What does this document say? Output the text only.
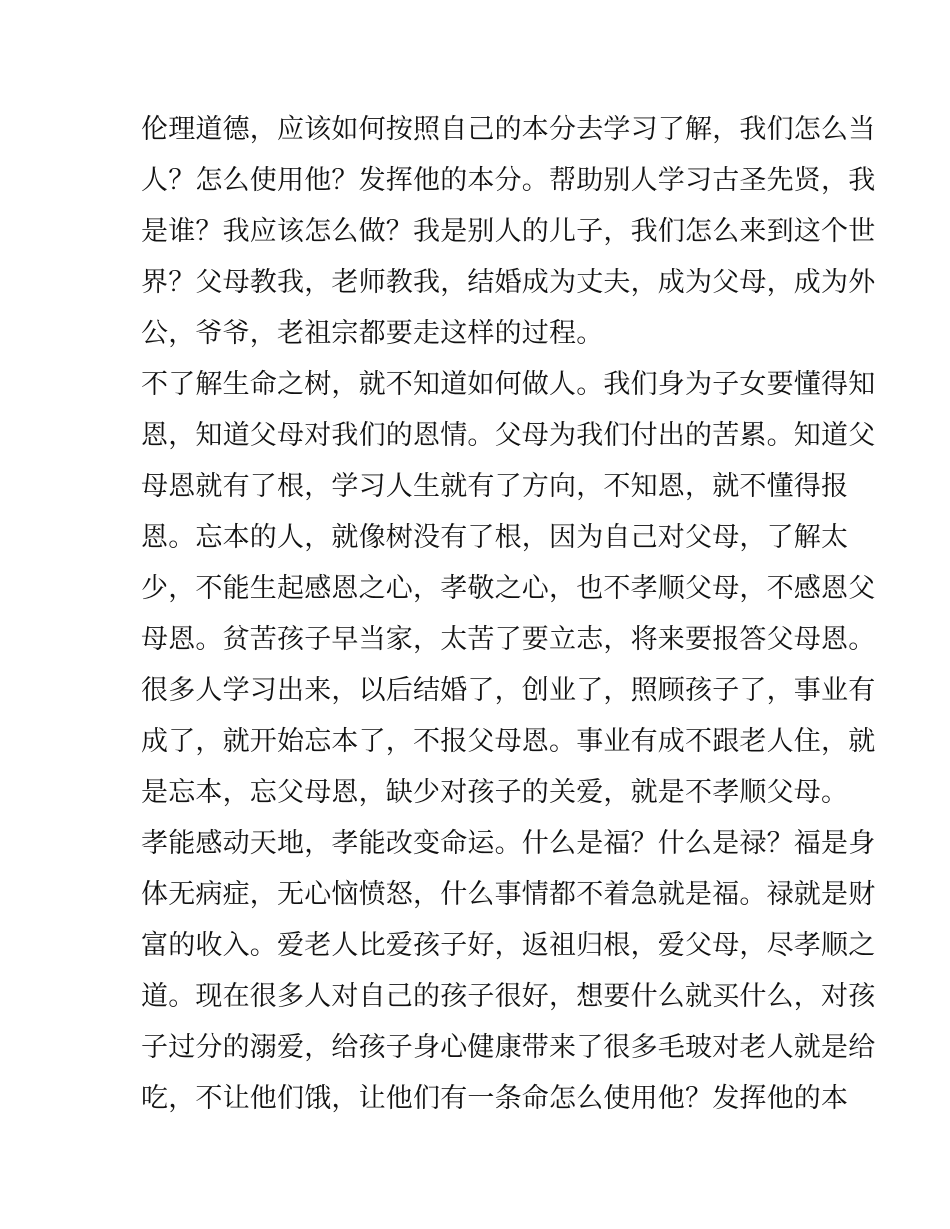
伦理道德，应该如何按照自己的本分去学习了解，我们怎么当
人？怎么使用他？发挥他的本分。帮助别人学习古圣先贤，我
是谁？我应该怎么做？我是别人的儿子，我们怎么来到这个世
界？父母教我，老师教我，结婚成为丈夫，成为父母，成为外
公，爷爷，老祖宗都要走这样的过程。
不了解生命之树，就不知道如何做人。我们身为子女要懂得知
恩，知道父母对我们的恩情。父母为我们付出的苦累。知道父
母恩就有了根，学习人生就有了方向，不知恩，就不懂得报
恩。忘本的人，就像树没有了根，因为自己对父母，了解太
少，不能生起感恩之心，孝敬之心，也不孝顺父母，不感恩父
母恩。贫苦孩子早当家，太苦了要立志，将来要报答父母恩。
很多人学习出来，以后结婚了，创业了，照顾孩子了，事业有
成了，就开始忘本了，不报父母恩。事业有成不跟老人住，就
是忘本，忘父母恩，缺少对孩子的关爱，就是不孝顺父母。
孝能感动天地，孝能改变命运。什么是福？什么是禄？福是身
体无病症，无心恼愤怒，什么事情都不着急就是福。禄就是财
富的收入。爱老人比爱孩子好，返祖归根，爱父母，尽孝顺之
道。现在很多人对自己的孩子很好，想要什么就买什么，对孩
子过分的溺爱，给孩子身心健康带来了很多毛玻对老人就是给
吃，不让他们饿，让他们有一条命怎么使用他？发挥他的本
